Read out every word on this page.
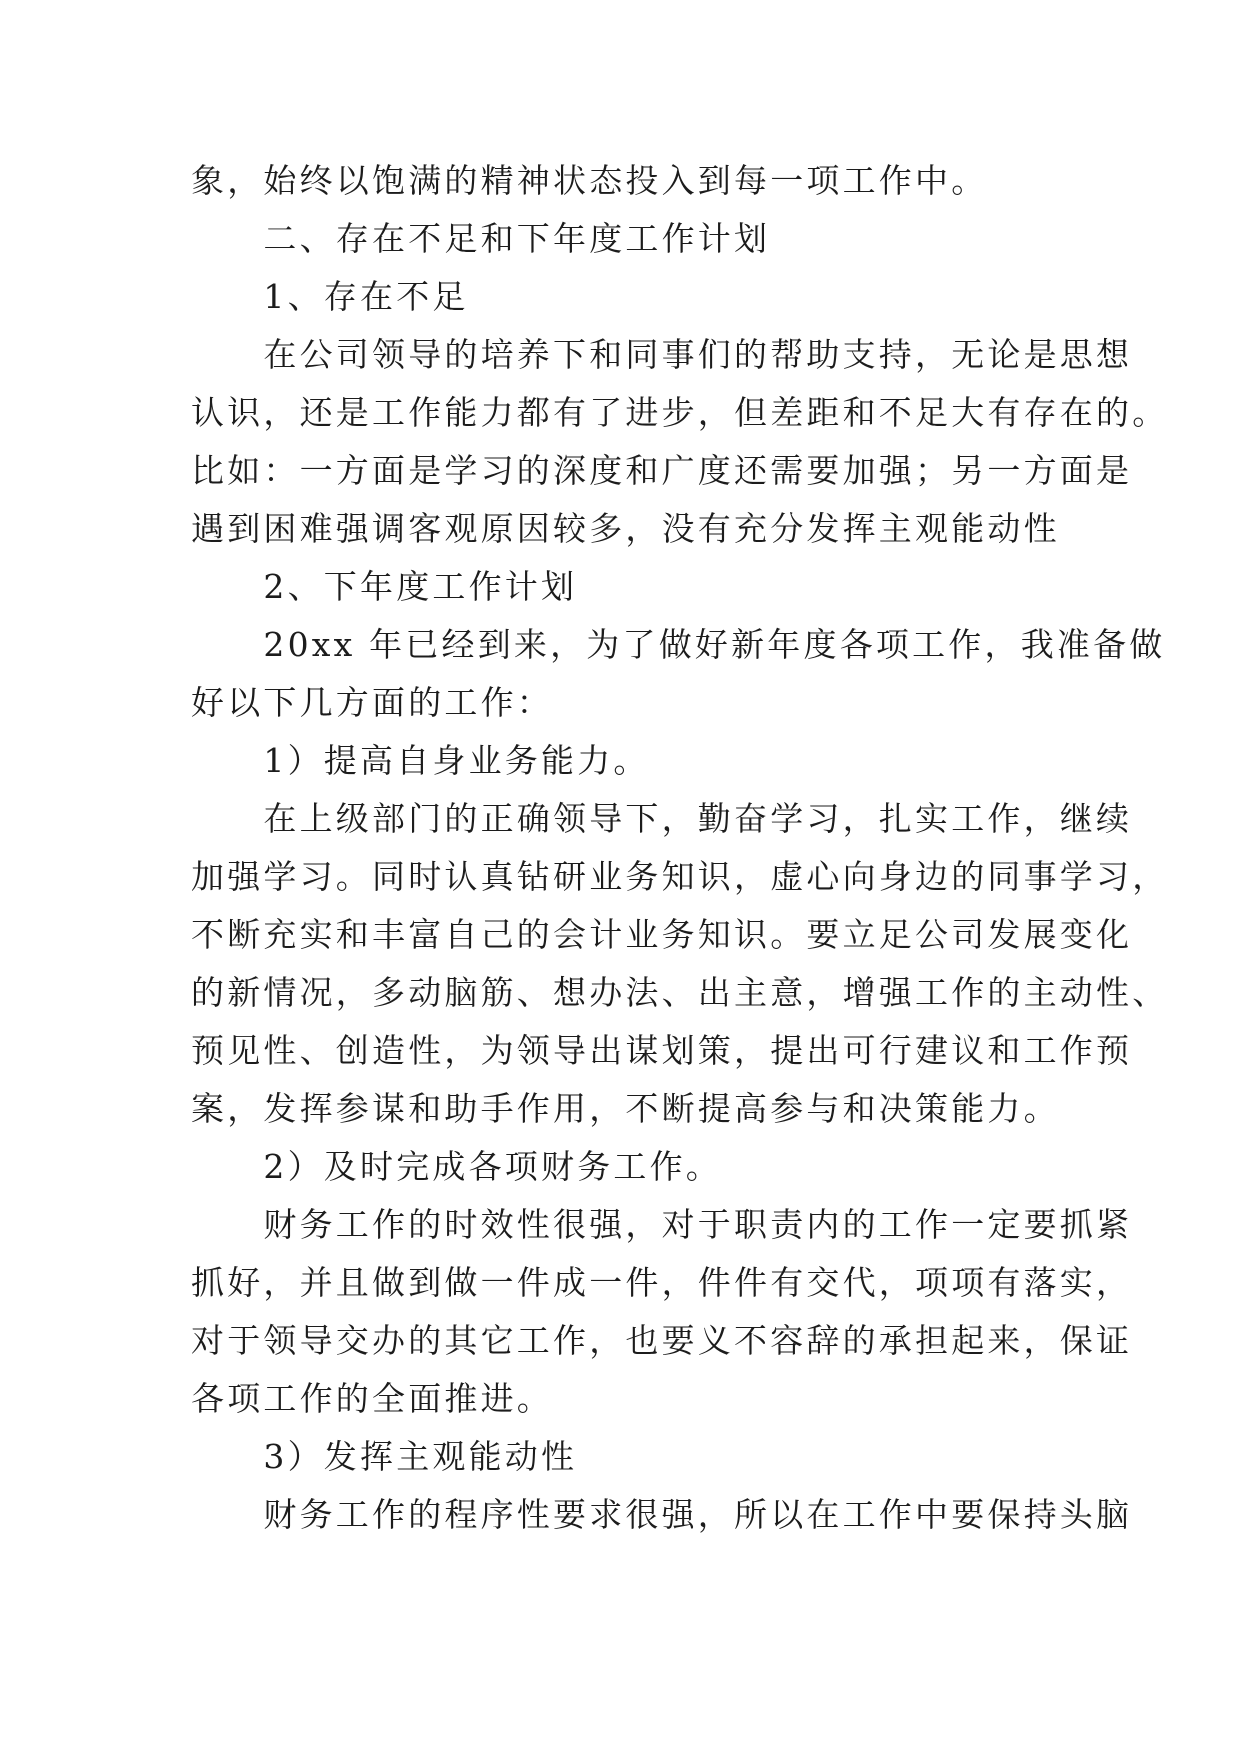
象，始终以饱满的精神状态投入到每一项工作中。
　　二、存在不足和下年度工作计划
　　1、存在不足
　　在公司领导的培养下和同事们的帮助支持，无论是思想
认识，还是工作能力都有了进步，但差距和不足大有存在的。
比如：一方面是学习的深度和广度还需要加强；另一方面是
遇到困难强调客观原因较多，没有充分发挥主观能动性
　　2、下年度工作计划
　　20xx 年已经到来，为了做好新年度各项工作，我准备做
好以下几方面的工作：
　　1）提高自身业务能力。
　　在上级部门的正确领导下，勤奋学习，扎实工作，继续
加强学习。同时认真钻研业务知识，虚心向身边的同事学习，
不断充实和丰富自己的会计业务知识。要立足公司发展变化
的新情况，多动脑筋、想办法、出主意，增强工作的主动性、
预见性、创造性，为领导出谋划策，提出可行建议和工作预
案，发挥参谋和助手作用，不断提高参与和决策能力。
　　2）及时完成各项财务工作。
　　财务工作的时效性很强，对于职责内的工作一定要抓紧
抓好，并且做到做一件成一件，件件有交代，项项有落实，
对于领导交办的其它工作，也要义不容辞的承担起来，保证
各项工作的全面推进。
　　3）发挥主观能动性
　　财务工作的程序性要求很强，所以在工作中要保持头脑
